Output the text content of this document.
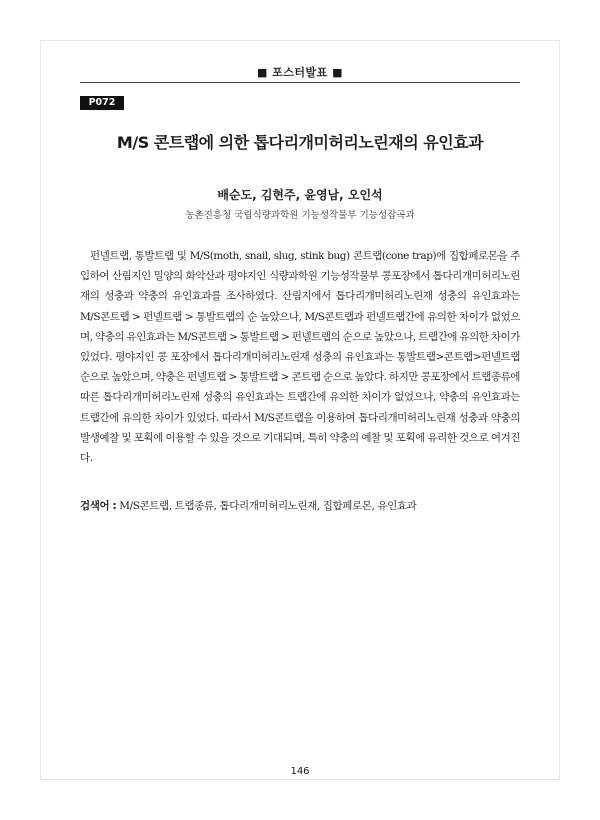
■ 포스터발표 ■
P072
M/S 콘트랩에 의한 톱다리개미허리노린재의 유인효과
배순도, 김현주, 윤영남, 오인석
농촌진흥청 국립식량과학원 기능성작물부 기능성잡곡과

펀넬트랩, 통발트랩 및 M/S(moth, snail, slug, stink bug) 콘트랩(cone trap)에 집합페로몬을 주입하여 산림지인 밀양의 화악산과 평야지인 식량과학원 기능성작물부 콩포장에서 톱다리개미허리노린재의 성충과 약충의 유인효과를 조사하였다. 산림지에서 톱다리개미허리노린재 성충의 유인효과는 M/S콘트랩 > 펀넬트랩 > 통발트랩의 순 높았으나, M/S콘트랩과 펀넬트랩간에 유의한 차이가 없었으며, 약충의 유인효과는 M/S콘트랩 > 통발트랩 > 펀넬트랩의 순으로 높았으나, 트랩간에 유의한 차이가 있었다. 평야지인 콩 포장에서 톱다리개미허리노린재 성충의 유인효과는 통발트랩>콘트랩>펀넬트랩 순으로 높았으며, 약충은 펀넬트랩 > 통발트랩 > 콘트랩 순으로 높았다. 하지만 콩포장에서 트랩종류에 따른 톱다리개미허리노린재 성충의 유인효과는 트랩간에 유의한 차이가 없었으나, 약충의 유인효과는 트랩간에 유의한 차이가 있었다. 따라서 M/S콘트랩을 이용하여 톱다리개미허리노린재 성충과 약충의 발생예찰 및 포획에 이용할 수 있을 것으로 기대되며, 특히 약충의 예찰 및 포획에 유리한 것으로 여겨진다.

검색어 : M/S콘트랩, 트랩종류, 톱다리개미허리노린재, 집합페로몬, 유인효과
146
